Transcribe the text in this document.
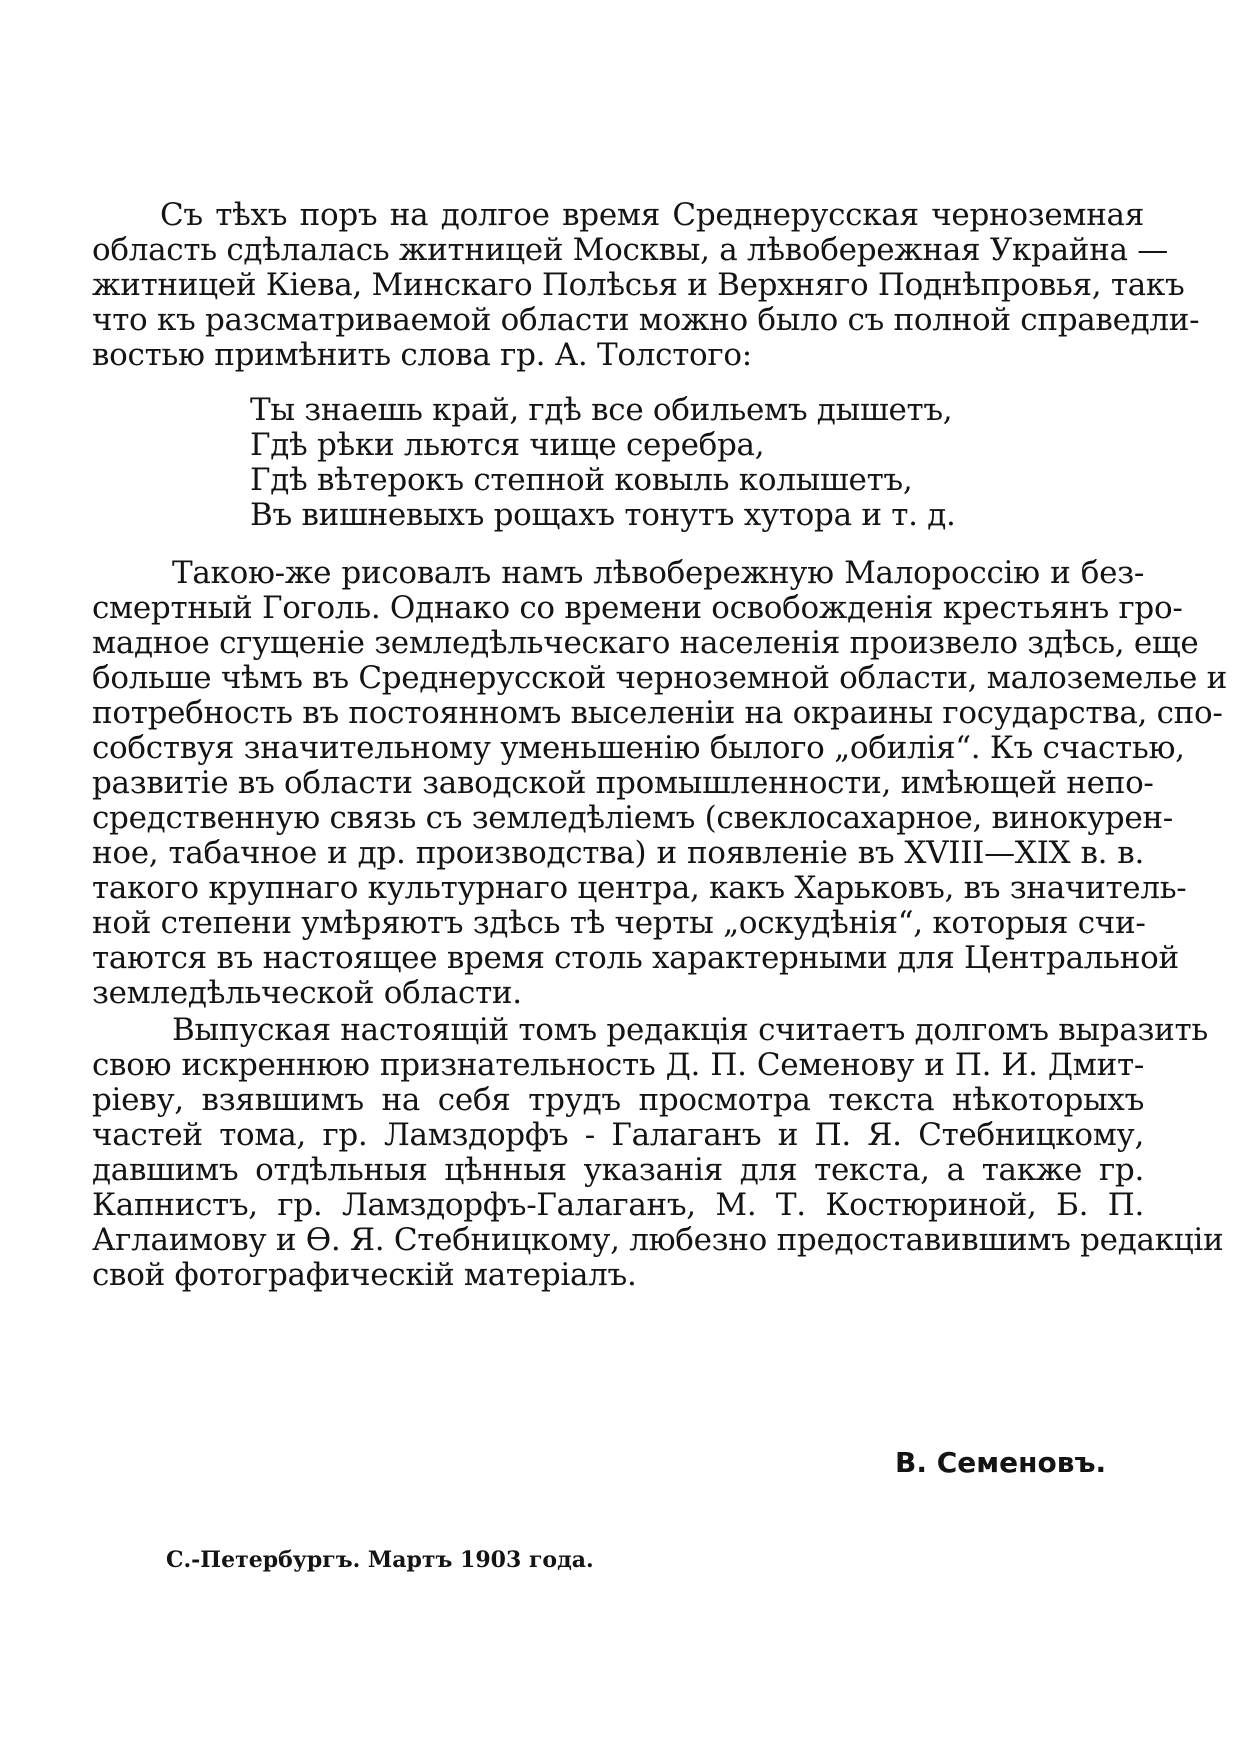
Съ тѣхъ поръ на долгое время Среднерусская черноземная
область сдѣлалась житницей Москвы, а лѣвобережная Украйна —
житницей Кіева, Минскаго Полѣсья и Верхняго Поднѣпровья, такъ
что къ разсматриваемой области можно было съ полной справедли-
востью примѣнить слова гр. А. Толстого:
Ты знаешь край, гдѣ все обильемъ дышетъ,
Гдѣ рѣки льются чище серебра,
Гдѣ вѣтерокъ степной ковыль колышетъ,
Въ вишневыхъ рощахъ тонутъ хутора и т. д.
Такою-же рисовалъ намъ лѣвобережную Малороссію и без-
смертный Гоголь. Однако со времени освобожденія крестьянъ гро-
мадное сгущеніе земледѣльческаго населенія произвело здѣсь, еще
больше чѣмъ въ Среднерусской черноземной области, малоземелье и
потребность въ постоянномъ выселеніи на окраины государства, спо-
собствуя значительному уменьшенію былого „обилія“. Къ счастью,
развитіе въ области заводской промышленности, имѣющей непо-
средственную связь съ земледѣліемъ (свеклосахарное, винокурен-
ное, табачное и др. производства) и появленіе въ XVIII—XIX в. в.
такого крупнаго культурнаго центра, какъ Харьковъ, въ значитель-
ной степени умѣряютъ здѣсь тѣ черты „оскудѣнія“, которыя счи-
таются въ настоящее время столь характерными для Центральной
земледѣльческой области.
Выпуская настоящій томъ редакція считаетъ долгомъ выразить
свою искреннюю признательность Д. П. Семенову и П. И. Дмит-
ріеву, взявшимъ на себя трудъ просмотра текста нѣкоторыхъ
частей тома, гр. Ламздорфъ - Галаганъ и П. Я. Стебницкому,
давшимъ отдѣльныя цѣнныя указанія для текста, а также гр.
Капнистъ, гр. Ламздорфъ-Галаганъ, М. Т. Костюриной, Б. П.
Аглаимову и Ѳ. Я. Стебницкому, любезно предоставившимъ редакціи
свой фотографическій матеріалъ.
В. Семеновъ.
С.-Петербургъ. Мартъ 1903 года.
